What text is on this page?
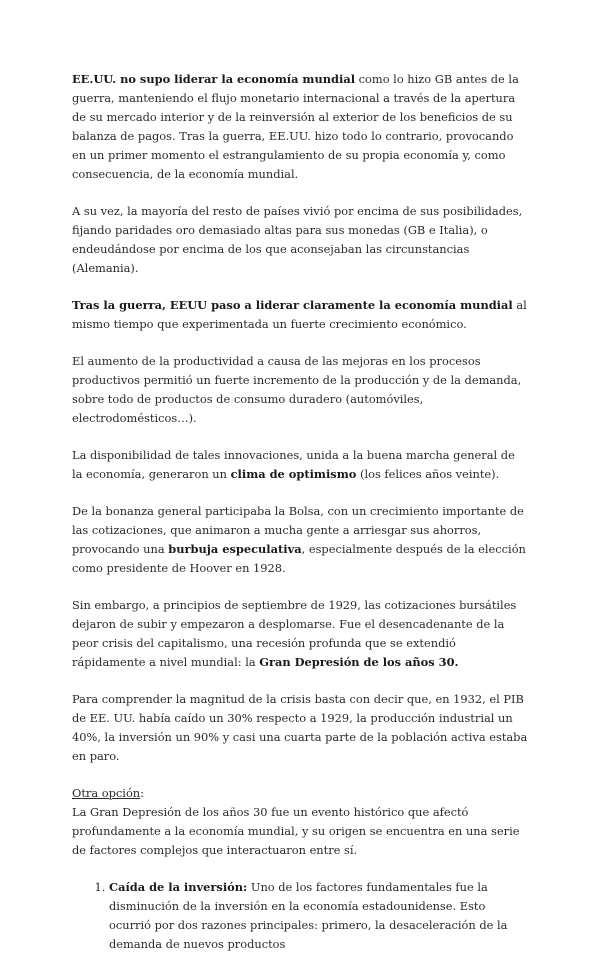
EE.UU. no supo liderar la economía mundial como lo hizo GB antes de la guerra, manteniendo el flujo monetario internacional a través de la apertura de su mercado interior y de la reinversión al exterior de los beneficios de su balanza de pagos. Tras la guerra, EE.UU. hizo todo lo contrario, provocando en un primer momento el estrangulamiento de su propia economía y, como consecuencia, de la economía mundial.

A su vez, la mayoría del resto de países vivió por encima de sus posibilidades, fijando paridades oro demasiado altas para sus monedas (GB e Italia), o endeudándose por encima de los que aconsejaban las circunstancias (Alemania).

Tras la guerra, EEUU paso a liderar claramente la economía mundial al mismo tiempo que experimentada un fuerte crecimiento económico.

El aumento de la productividad a causa de las mejoras en los procesos productivos permitió un fuerte incremento de la producción y de la demanda, sobre todo de productos de consumo duradero (automóviles, electrodomésticos…).

La disponibilidad de tales innovaciones, unida a la buena marcha general de la economía, generaron un clima de optimismo (los felices años veinte).

De la bonanza general participaba la Bolsa, con un crecimiento importante de las cotizaciones, que animaron a mucha gente a arriesgar sus ahorros, provocando una burbuja especulativa, especialmente después de la elección como presidente de Hoover en 1928.

Sin embargo, a principios de septiembre de 1929, las cotizaciones bursátiles dejaron de subir y empezaron a desplomarse. Fue el desencadenante de la peor crisis del capitalismo, una recesión profunda que se extendió rápidamente a nivel mundial: la Gran Depresión de los años 30.

Para comprender la magnitud de la crisis basta con decir que, en 1932, el PIB de EE. UU. había caído un 30% respecto a 1929, la producción industrial un 40%, la inversión un 90% y casi una cuarta parte de la población activa estaba en paro.

Otra opción:

La Gran Depresión de los años 30 fue un evento histórico que afectó profundamente a la economía mundial, y su origen se encuentra en una serie de factores complejos que interactuaron entre sí.

1. Caída de la inversión: Uno de los factores fundamentales fue la disminución de la inversión en la economía estadounidense. Esto ocurrió por dos razones principales: primero, la desaceleración de la demanda de nuevos productos
